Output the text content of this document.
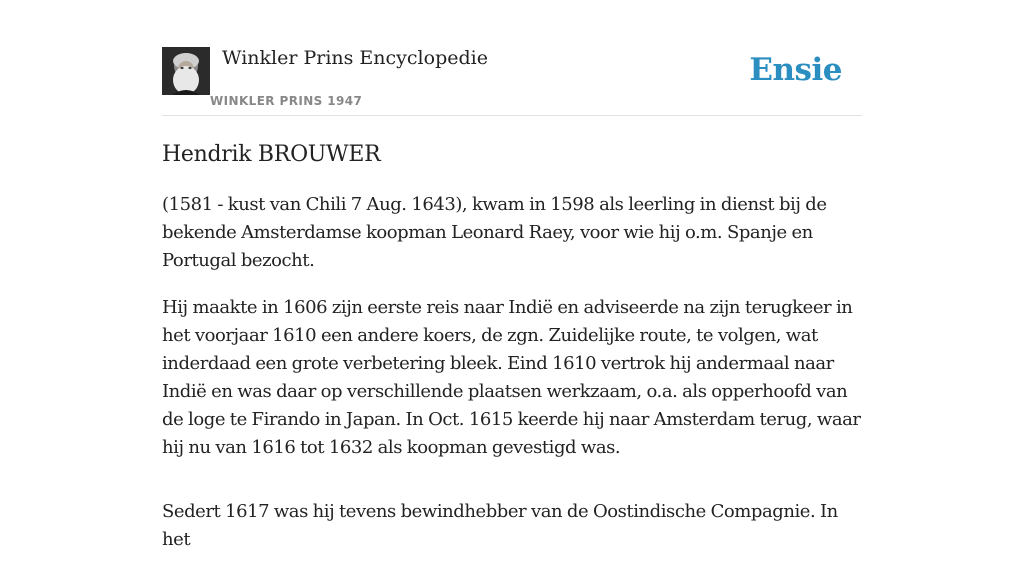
Winkler Prins Encyclopedie
WINKLER PRINS 1947
Ensie
Hendrik BROUWER

(1581 - kust van Chili 7 Aug. 1643), kwam in 1598 als leerling in dienst bij de bekende Amsterdamse koopman Leonard Raey, voor wie hij o.m. Spanje en Portugal bezocht.

Hij maakte in 1606 zijn eerste reis naar Indië en adviseerde na zijn terugkeer in het voorjaar 1610 een andere koers, de zgn. Zuidelijke route, te volgen, wat inderdaad een grote verbetering bleek. Eind 1610 vertrok hij andermaal naar Indië en was daar op verschillende plaatsen werkzaam, o.a. als opperhoofd van de loge te Firando in Japan. In Oct. 1615 keerde hij naar Amsterdam terug, waar hij nu van 1616 tot 1632 als koopman gevestigd was.

Sedert 1617 was hij tevens bewindhebber van de Oostindische Compagnie. In het
